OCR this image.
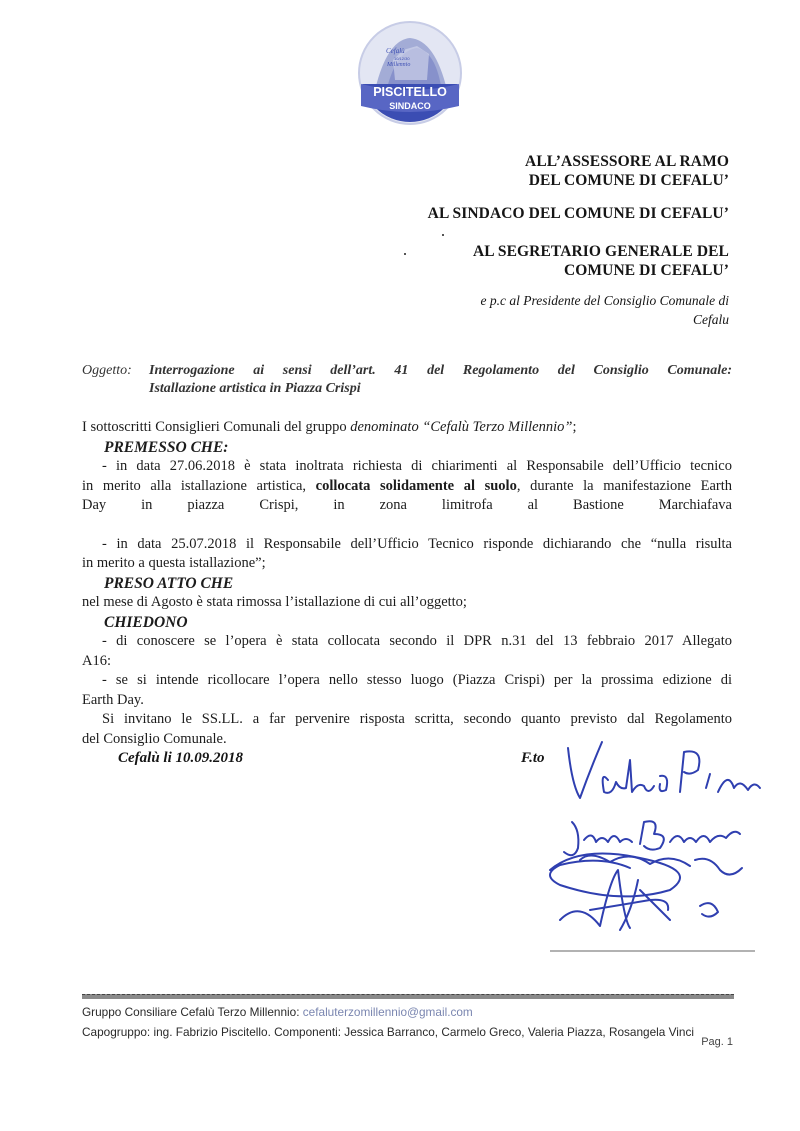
Cefalù
10/12/30
Millennio
PISCITELLO
SINDACO
ALL’ASSESSORE AL RAMO
DEL COMUNE DI CEFALU’
AL SINDACO DEL COMUNE DI CEFALU’
AL SEGRETARIO GENERALE DEL
COMUNE DI CEFALU’
e p.c al Presidente del Consiglio Comunale di
Cefalu
Oggetto:	Interrogazione ai sensi dell’art. 41 del Regolamento del Consiglio Comunale:
Istallazione artistica in Piazza Crispi

I sottoscritti Consiglieri Comunali del gruppo denominato “Cefalù Terzo Millennio”;

PREMESSO CHE:

- in data 27.06.2018 è stata inoltrata richiesta di chiarimenti al Responsabile dell’Ufficio tecnico

in merito alla istallazione artistica, collocata solidamente al suolo, durante la manifestazione Earth

Day in piazza Crispi, in zona limitrofa al Bastione Marchiafava

- in data 25.07.2018 il Responsabile dell’Ufficio Tecnico risponde dichiarando che “nulla risulta

in merito a questa istallazione”;

PRESO ATTO CHE

nel mese di Agosto è stata rimossa l’istallazione di cui all’oggetto;

CHIEDONO

- di conoscere se l’opera è stata collocata secondo il DPR n.31 del 13 febbraio 2017 Allegato

A16:

- se si intende ricollocare l’opera nello stesso luogo (Piazza Crispi) per la prossima edizione di

Earth Day.

Si invitano le SS.LL. a far pervenire risposta scritta, secondo quanto previsto dal Regolamento

del Consiglio Comunale.

Cefalù li 10.09.2018	F.to
Gruppo Consiliare Cefalù Terzo Millennio: cefaluterzomillennio@gmail.com
Capogruppo: ing. Fabrizio Piscitello. Componenti: Jessica Barranco, Carmelo Greco, Valeria Piazza, Rosangela Vinci
Pag. 1
